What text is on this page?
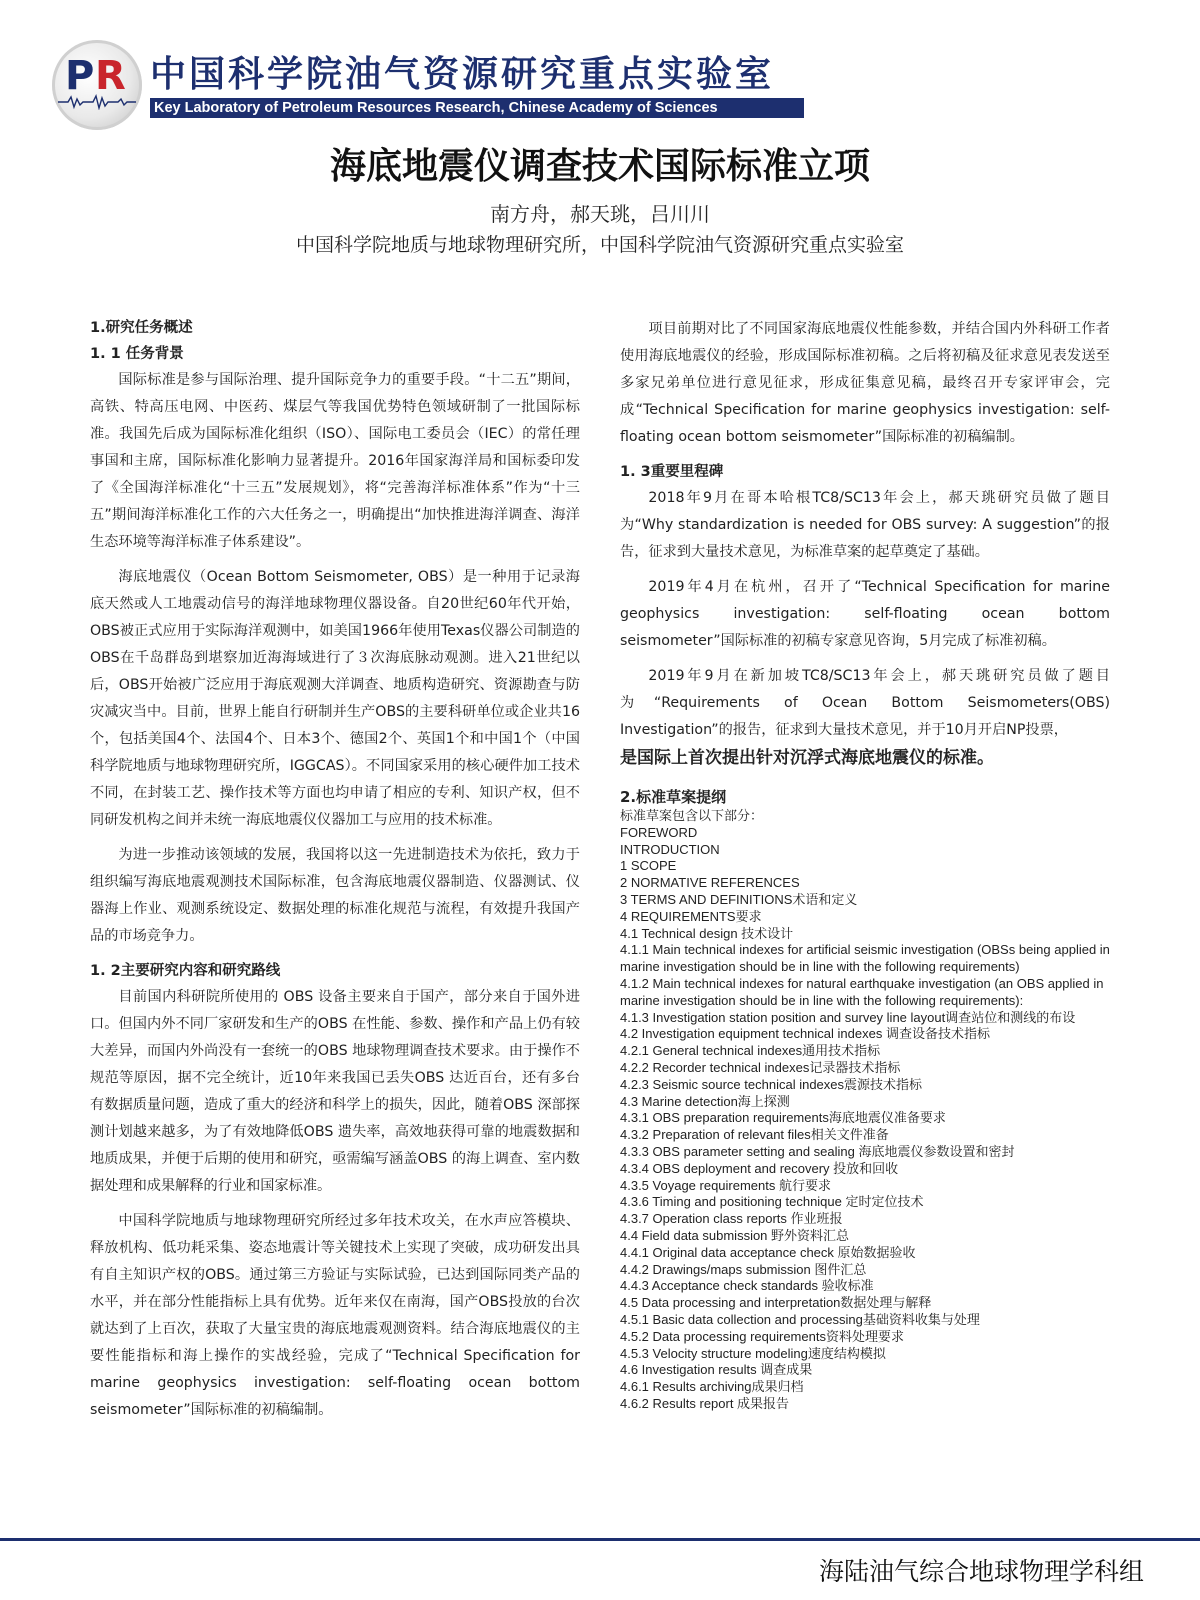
P R 中国科学院油气资源研究重点实验室
Key Laboratory of Petroleum Resources Research, Chinese Academy of Sciences
海底地震仪调查技术国际标准立项
南方舟，郝天珧，吕川川
中国科学院地质与地球物理研究所，中国科学院油气资源研究重点实验室
1.研究任务概述
1. 1 任务背景

国际标准是参与国际治理、提升国际竞争力的重要手段。“十二五”期间，高铁、特高压电网、中医药、煤层气等我国优势特色领域研制了一批国际标准。我国先后成为国际标准化组织（ISO）、国际电工委员会（IEC）的常任理事国和主席，国际标准化影响力显著提升。2016年国家海洋局和国标委印发了《全国海洋标准化“十三五”发展规划》，将“完善海洋标准体系”作为“十三五”期间海洋标准化工作的六大任务之一，明确提出“加快推进海洋调查、海洋生态环境等海洋标准子体系建设”。

海底地震仪（Ocean Bottom Seismometer, OBS）是一种用于记录海底天然或人工地震动信号的海洋地球物理仪器设备。自20世纪60年代开始，OBS被正式应用于实际海洋观测中，如美国1966年使用Texas仪器公司制造的OBS在千岛群岛到堪察加近海海域进行了３次海底脉动观测。进入21世纪以后，OBS开始被广泛应用于海底观测大洋调查、地质构造研究、资源勘查与防灾减灾当中。目前，世界上能自行研制并生产OBS的主要科研单位或企业共16个，包括美国4个、法国4个、日本3个、德国2个、英国1个和中国1个（中国科学院地质与地球物理研究所，IGGCAS）。不同国家采用的核心硬件加工技术不同，在封装工艺、操作技术等方面也均申请了相应的专利、知识产权，但不同研发机构之间并未统一海底地震仪仪器加工与应用的技术标准。

为进一步推动该领域的发展，我国将以这一先进制造技术为依托，致力于组织编写海底地震观测技术国际标准，包含海底地震仪器制造、仪器测试、仪器海上作业、观测系统设定、数据处理的标准化规范与流程，有效提升我国产品的市场竞争力。

1. 2主要研究内容和研究路线

目前国内科研院所使用的 OBS 设备主要来自于国产，部分来自于国外进口。但国内外不同厂家研发和生产的OBS 在性能、参数、操作和产品上仍有较大差异，而国内外尚没有一套统一的OBS 地球物理调查技术要求。由于操作不规范等原因，据不完全统计，近10年来我国已丢失OBS 达近百台，还有多台有数据质量问题，造成了重大的经济和科学上的损失，因此，随着OBS 深部探测计划越来越多，为了有效地降低OBS 遗失率，高效地获得可靠的地震数据和地质成果，并便于后期的使用和研究，亟需编写涵盖OBS 的海上调查、室内数据处理和成果解释的行业和国家标准。

中国科学院地质与地球物理研究所经过多年技术攻关，在水声应答模块、释放机构、低功耗采集、姿态地震计等关键技术上实现了突破，成功研发出具有自主知识产权的OBS。通过第三方验证与实际试验，已达到国际同类产品的水平，并在部分性能指标上具有优势。近年来仅在南海，国产OBS投放的台次就达到了上百次，获取了大量宝贵的海底地震观测资料。结合海底地震仪的主要性能指标和海上操作的实战经验，完成了“Technical Specification for marine geophysics investigation: self-floating ocean bottom seismometer”国际标准的初稿编制。

项目前期对比了不同国家海底地震仪性能参数，并结合国内外科研工作者使用海底地震仪的经验，形成国际标准初稿。之后将初稿及征求意见表发送至多家兄弟单位进行意见征求，形成征集意见稿，最终召开专家评审会，完成“Technical Specification for marine geophysics investigation: self-floating ocean bottom seismometer”国际标准的初稿编制。

1. 3重要里程碑

2018年9月在哥本哈根TC8/SC13年会上，郝天珧研究员做了题目为“Why standardization is needed for OBS survey: A suggestion”的报告，征求到大量技术意见，为标准草案的起草奠定了基础。

2019年4月在杭州，召开了“Technical Specification for marine geophysics investigation: self-floating ocean bottom seismometer”国际标准的初稿专家意见咨询，5月完成了标准初稿。

2019年9月在新加坡TC8/SC13年会上，郝天珧研究员做了题目为“Requirements of Ocean Bottom Seismometers(OBS) Investigation”的报告，征求到大量技术意见，并于10月开启NP投票，

是国际上首次提出针对沉浮式海底地震仪的标准。
2.标准草案提纲
标准草案包含以下部分：
FOREWORD
INTRODUCTION
1 SCOPE
2 NORMATIVE REFERENCES
3 TERMS AND DEFINITIONS术语和定义
4 REQUIREMENTS要求
4.1 Technical design 技术设计
4.1.1 Main technical indexes for artificial seismic investigation (OBSs being applied in marine investigation should be in line with the following requirements)
4.1.2 Main technical indexes for natural earthquake investigation (an OBS applied in marine investigation should be in line with the following requirements):
4.1.3 Investigation station position and survey line layout调查站位和测线的布设
4.2 Investigation equipment technical indexes 调查设备技术指标
4.2.1 General technical indexes通用技术指标
4.2.2 Recorder technical indexes记录器技术指标
4.2.3 Seismic source technical indexes震源技术指标
4.3 Marine detection海上探测
4.3.1 OBS preparation requirements海底地震仪准备要求
4.3.2 Preparation of relevant files相关文件准备
4.3.3 OBS parameter setting and sealing 海底地震仪参数设置和密封
4.3.4 OBS deployment and recovery 投放和回收
4.3.5 Voyage requirements 航行要求
4.3.6 Timing and positioning technique 定时定位技术
4.3.7 Operation class reports 作业班报
4.4 Field data submission 野外资料汇总
4.4.1 Original data acceptance check 原始数据验收
4.4.2 Drawings/maps submission 图件汇总
4.4.3 Acceptance check standards 验收标准
4.5 Data processing and interpretation数据处理与解释
4.5.1 Basic data collection and processing基础资料收集与处理
4.5.2 Data processing requirements资料处理要求
4.5.3 Velocity structure modeling速度结构模拟
4.6 Investigation results 调查成果
4.6.1 Results archiving成果归档
4.6.2 Results report 成果报告
海陆油气综合地球物理学科组
